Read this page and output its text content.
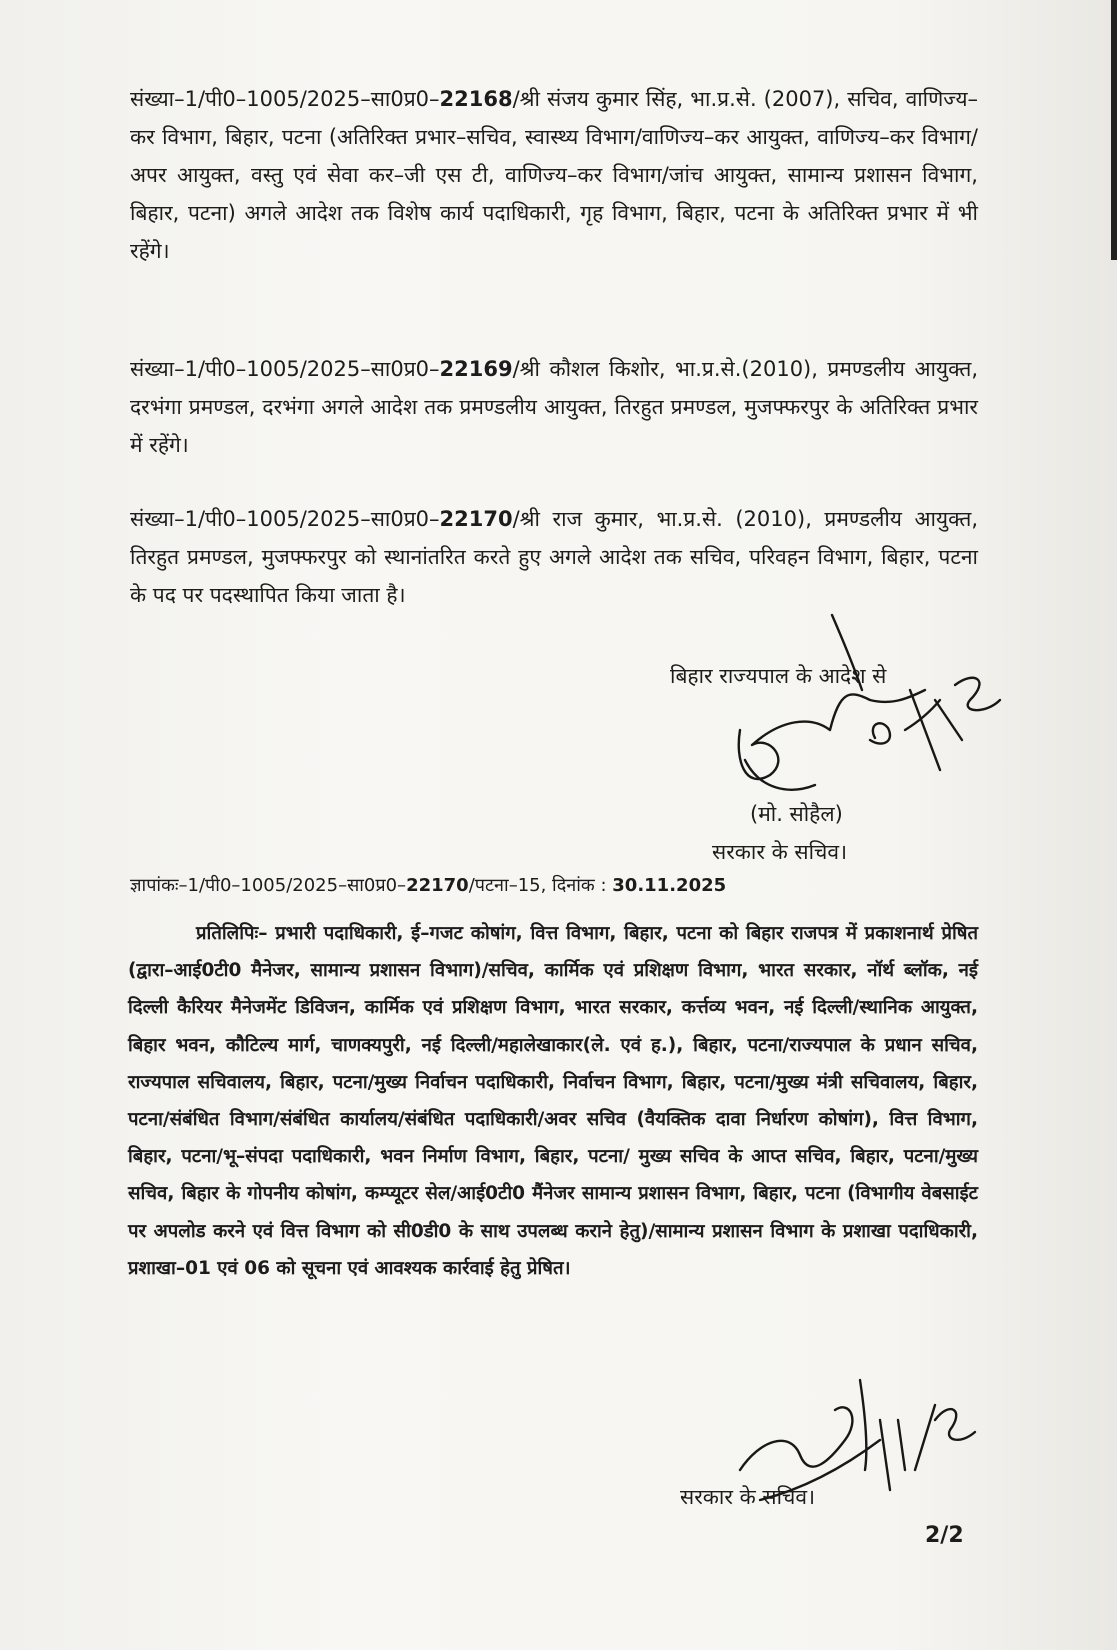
संख्या–1/पी0–1005/2025–सा0प्र0–22168/श्री संजय कुमार सिंह, भा.प्र.से. (2007), सचिव, वाणिज्य–कर विभाग, बिहार, पटना (अतिरिक्त प्रभार–सचिव, स्वास्थ्य विभाग/वाणिज्य–कर आयुक्त, वाणिज्य–कर विभाग/अपर आयुक्त, वस्तु एवं सेवा कर–जी एस टी, वाणिज्य–कर विभाग/जांच आयुक्त, सामान्य प्रशासन विभाग, बिहार, पटना) अगले आदेश तक विशेष कार्य पदाधिकारी, गृह विभाग, बिहार, पटना के अतिरिक्त प्रभार में भी रहेंगे।

संख्या–1/पी0–1005/2025–सा0प्र0–22169/श्री कौशल किशोर, भा.प्र.से.(2010), प्रमण्डलीय आयुक्त, दरभंगा प्रमण्डल, दरभंगा अगले आदेश तक प्रमण्डलीय आयुक्त, तिरहुत प्रमण्डल, मुजफ्फरपुर के अतिरिक्त प्रभार में रहेंगे।

संख्या–1/पी0–1005/2025–सा0प्र0–22170/श्री राज कुमार, भा.प्र.से. (2010), प्रमण्डलीय आयुक्त, तिरहुत प्रमण्डल, मुजफ्फरपुर को स्थानांतरित करते हुए अगले आदेश तक सचिव, परिवहन विभाग, बिहार, पटना के पद पर पदस्थापित किया जाता है।

बिहार राज्यपाल के आदेश से
(मो. सोहैल)
सरकार के सचिव।
ज्ञापांकः–1/पी0–1005/2025–सा0प्र0–22170/पटना–15, दिनांक : 30.11.2025

प्रतिलिपिः– प्रभारी पदाधिकारी, ई–गजट कोषांग, वित्त विभाग, बिहार, पटना को बिहार राजपत्र में प्रकाशनार्थ प्रेषित (द्वारा–आई0टी0 मैनेजर, सामान्य प्रशासन विभाग)/सचिव, कार्मिक एवं प्रशिक्षण विभाग, भारत सरकार, नॉर्थ ब्लॉक, नई दिल्ली कैरियर मैनेजमेंट डिविजन, कार्मिक एवं प्रशिक्षण विभाग, भारत सरकार, कर्त्तव्य भवन, नई दिल्ली/स्थानिक आयुक्त, बिहार भवन, कौटिल्य मार्ग, चाणक्यपुरी, नई दिल्ली/महालेखाकार(ले. एवं ह.), बिहार, पटना/राज्यपाल के प्रधान सचिव, राज्यपाल सचिवालय, बिहार, पटना/मुख्य निर्वाचन पदाधिकारी, निर्वाचन विभाग, बिहार, पटना/मुख्य मंत्री सचिवालय, बिहार, पटना/संबंधित विभाग/संबंधित कार्यालय/संबंधित पदाधिकारी/अवर सचिव (वैयक्तिक दावा निर्धारण कोषांग), वित्त विभाग, बिहार, पटना/भू–संपदा पदाधिकारी, भवन निर्माण विभाग, बिहार, पटना/ मुख्य सचिव के आप्त सचिव, बिहार, पटना/मुख्य सचिव, बिहार के गोपनीय कोषांग, कम्प्यूटर सेल/आई0टी0 मैंनेजर सामान्य प्रशासन विभाग, बिहार, पटना (विभागीय वेबसाईट पर अपलोड करने एवं वित्त विभाग को सी0डी0 के साथ उपलब्ध कराने हेतु)/सामान्य प्रशासन विभाग के प्रशाखा पदाधिकारी, प्रशाखा–01 एवं 06 को सूचना एवं आवश्यक कार्रवाई हेतु प्रेषित।

सरकार के सचिव।
2/2
